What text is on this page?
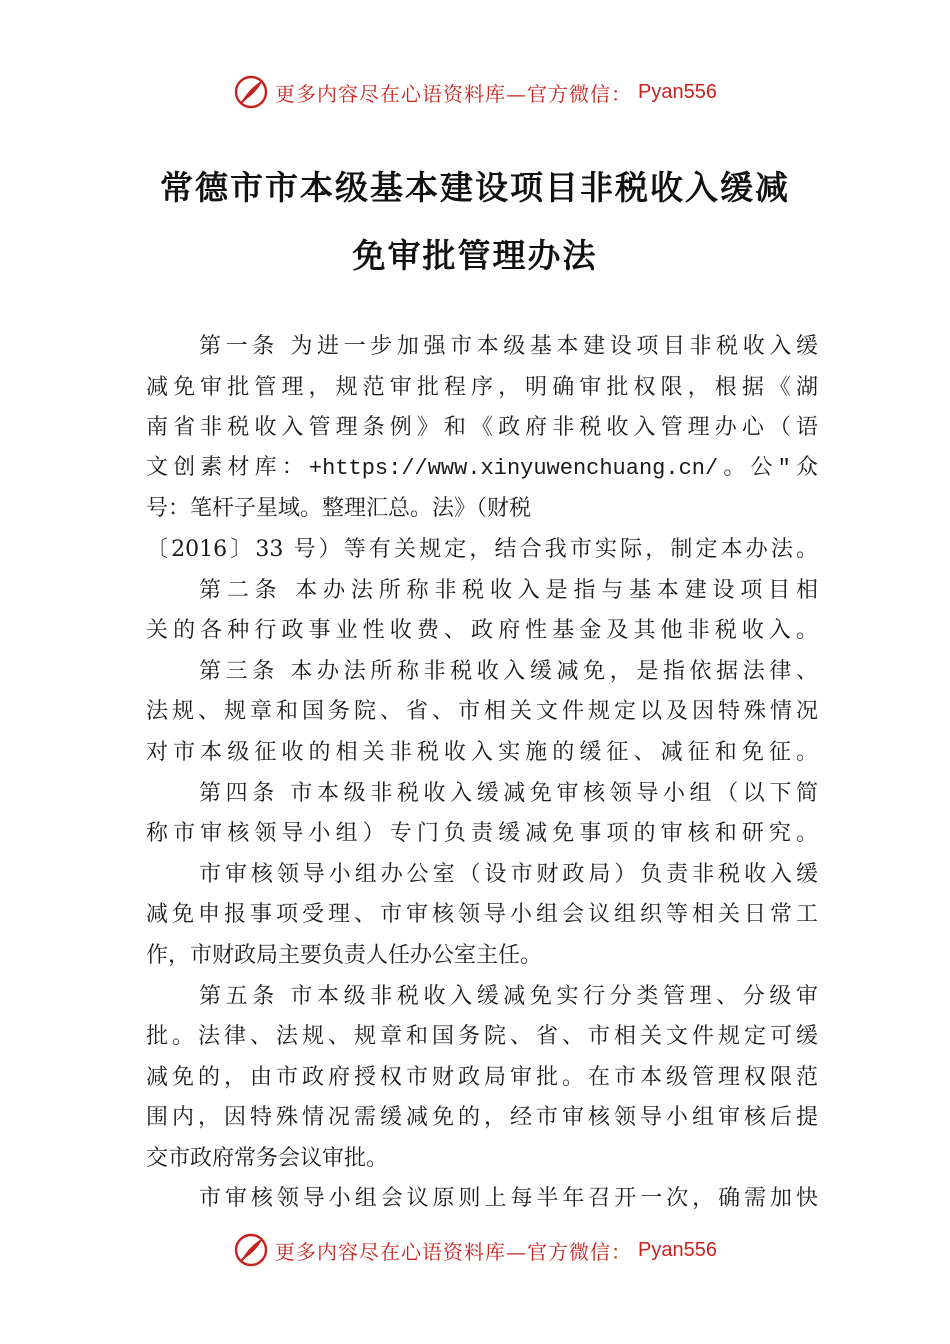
更多内容尽在心语资料库—官方微信： Pyan556
常德市市本级基本建设项目非税收入缓减
免审批管理办法
第一条 为进一步加强市本级基本建设项目非税收入缓
减免审批管理，规范审批程序，明确审批权限，根据《湖
南省非税收入管理条例》和《政府非税收入管理办心（语
文创素材库：+https://www.xinyuwenchuang.cn/。公"众
号：笔杆子星域。整理汇总。法》（财税
〔2016〕33 号）等有关规定，结合我市实际，制定本办法。
第二条 本办法所称非税收入是指与基本建设项目相
关的各种行政事业性收费、政府性基金及其他非税收入。
第三条 本办法所称非税收入缓减免，是指依据法律、
法规、规章和国务院、省、市相关文件规定以及因特殊情况
对市本级征收的相关非税收入实施的缓征、减征和免征。
第四条 市本级非税收入缓减免审核领导小组（以下简
称市审核领导小组）专门负责缓减免事项的审核和研究。
市审核领导小组办公室（设市财政局）负责非税收入缓
减免申报事项受理、市审核领导小组会议组织等相关日常工
作，市财政局主要负责人任办公室主任。
第五条 市本级非税收入缓减免实行分类管理、分级审
批。法律、法规、规章和国务院、省、市相关文件规定可缓
减免的，由市政府授权市财政局审批。在市本级管理权限范
围内，因特殊情况需缓减免的，经市审核领导小组审核后提
交市政府常务会议审批。
市审核领导小组会议原则上每半年召开一次，确需加快
更多内容尽在心语资料库—官方微信： Pyan556
